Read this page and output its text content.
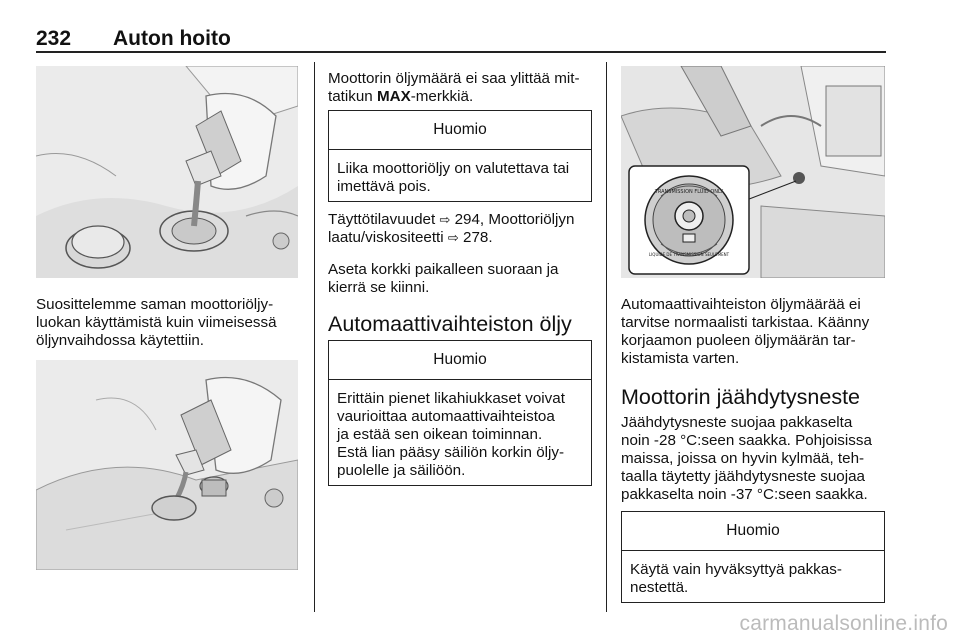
232 Auton hoito

Suosittelemme saman moottoriöljy-

luokan käyttämistä kuin viimeisessä

öljynvaihdossa käytettiin.

Moottorin öljymäärä ei saa ylittää mit-

tatikun MAX-merkkiä.

Huomio
Liika moottoriöljy on valutettava tai
imettävä pois.

Täyttötilavuudet ⇨ 294, Moottoriöljyn

laatu/viskositeetti ⇨ 278.

Aseta korkki paikalleen suoraan ja

kierrä se kiinni.

Automaattivaihteiston öljy
Huomio
Erittäin pienet likahiukkaset voivat
vaurioittaa automaattivaihteistoa
ja estää sen oikean toiminnan.
Estä lian pääsy säiliön korkin öljy-
puolelle ja säiliöön.
TRANSMISSION FLUID ONLY
LIQUIDE DE TRANSMISSION SEULEMENT

Automaattivaihteiston öljymäärää ei

tarvitse normaalisti tarkistaa. Käänny

korjaamon puoleen öljymäärän tar-

kistamista varten.

Moottorin jäähdytysneste

Jäähdytysneste suojaa pakkaselta

noin -28 °C:seen saakka. Pohjoisissa

maissa, joissa on hyvin kylmää, teh-

taalla täytetty jäähdytysneste suojaa

pakkaselta noin -37 °C:seen saakka.

Huomio
Käytä vain hyväksyttyä pakkas-
nestettä.
carmanualsonline.info
